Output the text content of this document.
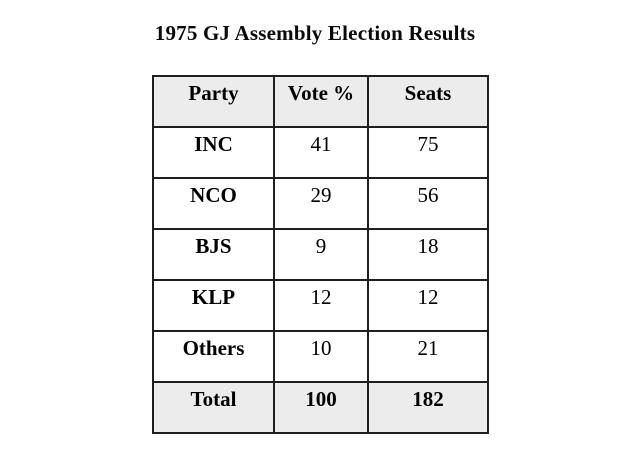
1975 GJ Assembly Election Results
Party	Vote %	Seats
INC	41	75
NCO	29	56
BJS	9	18
KLP	12	12
Others	10	21
Total	100	182
